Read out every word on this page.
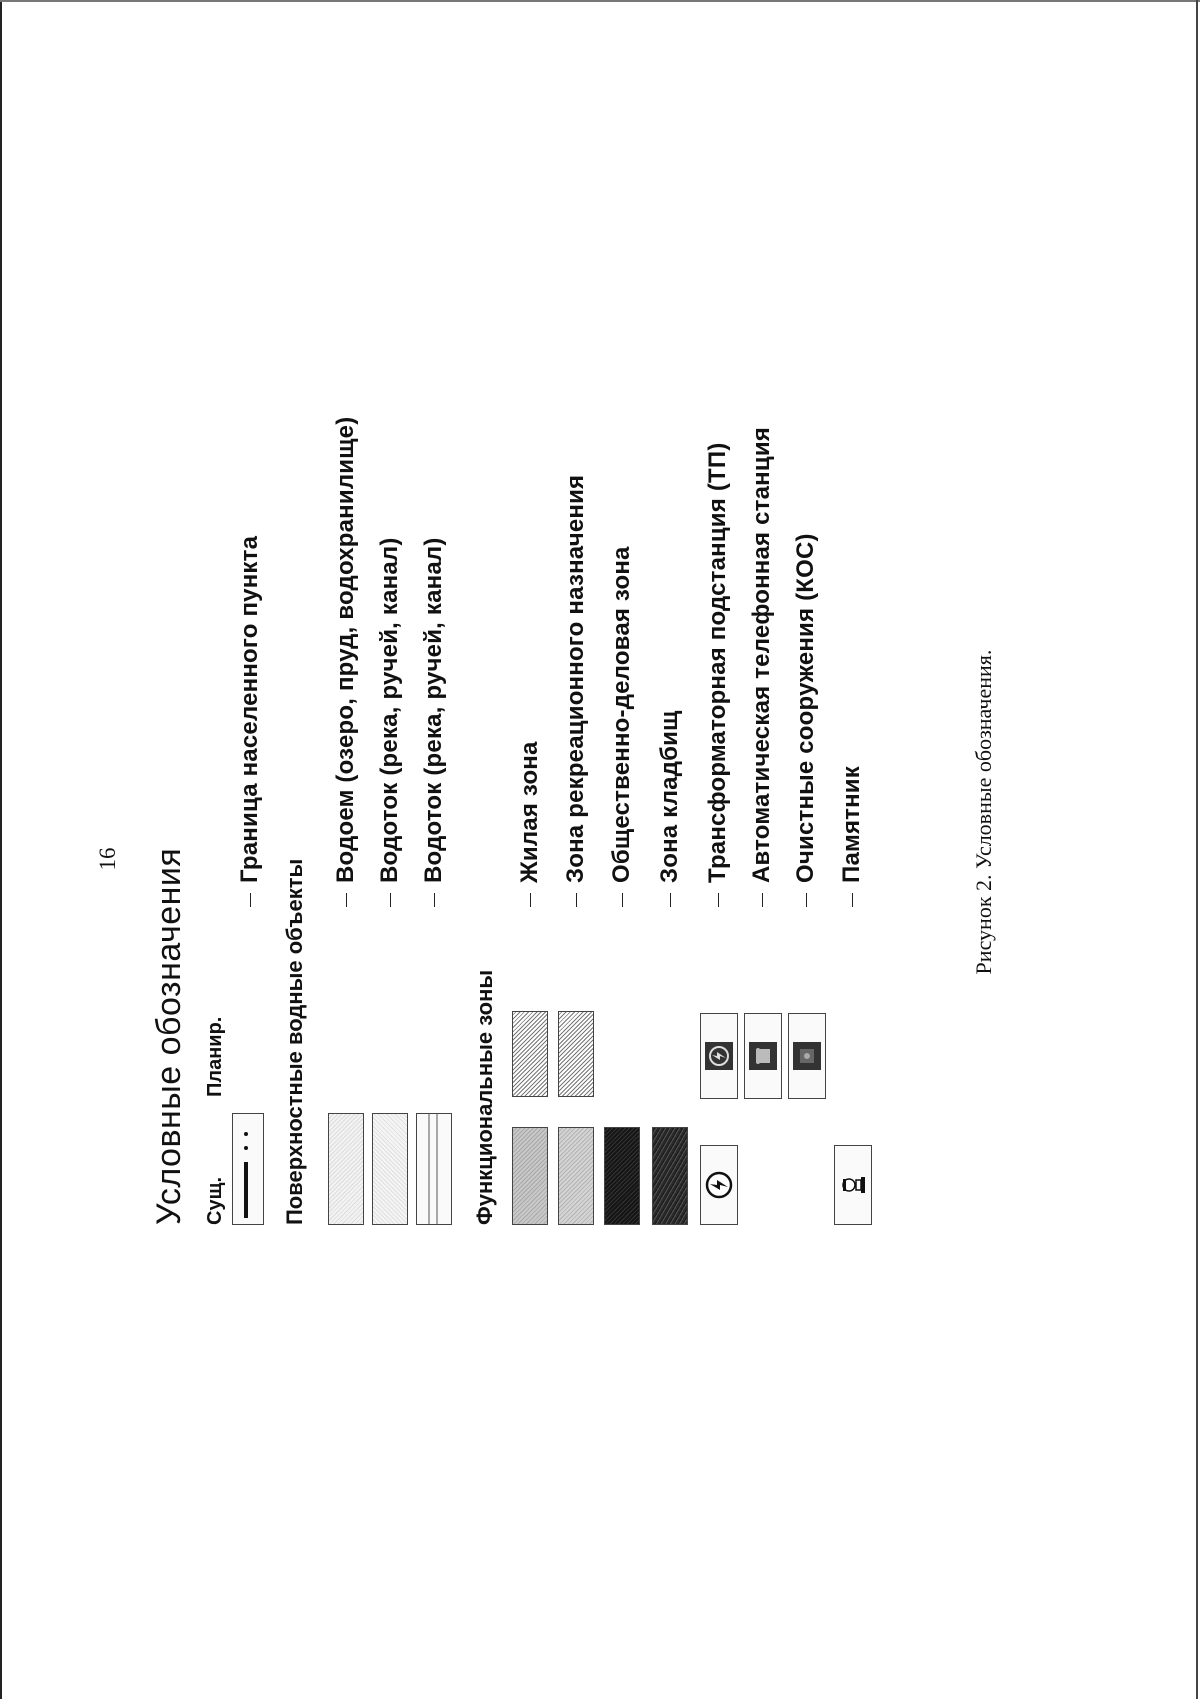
16 Условные обозначения Сущ.
Планир.
Граница населенного пункта
Поверхностные водные объекты
Водоем (озеро, пруд, водохранилище) Водоток (река, ручей, канал) Водоток (река, ручей, канал)
Функциональные зоны
Жилая зона Зона рекреационного назначения Общественно-деловая зона Зона кладбищ Трансформаторная подстанция (ТП) Автоматическая телефонная станция Очистные сооружения (КОС) Памятник	Рисунок 2. Условные обозначения.
